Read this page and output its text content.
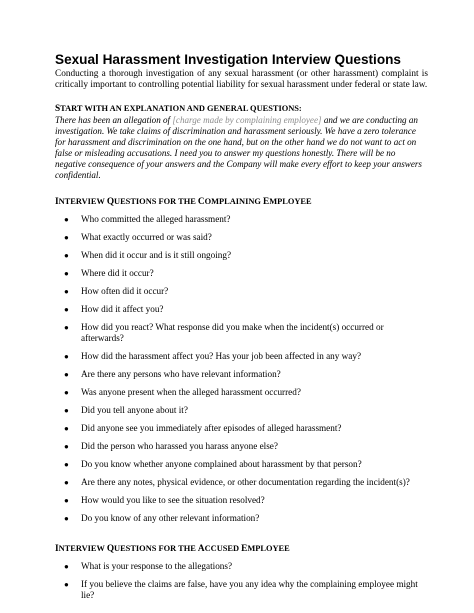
Sexual Harassment Investigation Interview Questions

Conducting a thorough investigation of any sexual harassment (or other harassment) complaint is critically important to controlling potential liability for sexual harassment under federal or state law.

START WITH AN EXPLANATION AND GENERAL QUESTIONS:

There has been an allegation of [charge made by complaining employee] and we are conducting an investigation. We take claims of discrimination and harassment seriously. We have a zero tolerance for harassment and discrimination on the one hand, but on the other hand we do not want to act on false or misleading accusations. I need you to answer my questions honestly. There will be no negative consequence of your answers and the Company will make every effort to keep your answers confidential.

INTERVIEW QUESTIONS FOR THE COMPLAINING EMPLOYEE
● Who committed the alleged harassment?
● What exactly occurred or was said?
● When did it occur and is it still ongoing?
● Where did it occur?
● How often did it occur?
● How did it affect you?
● How did you react? What response did you make when the incident(s) occurred or afterwards?
● How did the harassment affect you? Has your job been affected in any way?
● Are there any persons who have relevant information?
● Was anyone present when the alleged harassment occurred?
● Did you tell anyone about it?
● Did anyone see you immediately after episodes of alleged harassment?
● Did the person who harassed you harass anyone else?
● Do you know whether anyone complained about harassment by that person?
● Are there any notes, physical evidence, or other documentation regarding the incident(s)?
● How would you like to see the situation resolved?
● Do you know of any other relevant information?
INTERVIEW QUESTIONS FOR THE ACCUSED EMPLOYEE
● What is your response to the allegations?
● If you believe the claims are false, have you any idea why the complaining employee might lie?
